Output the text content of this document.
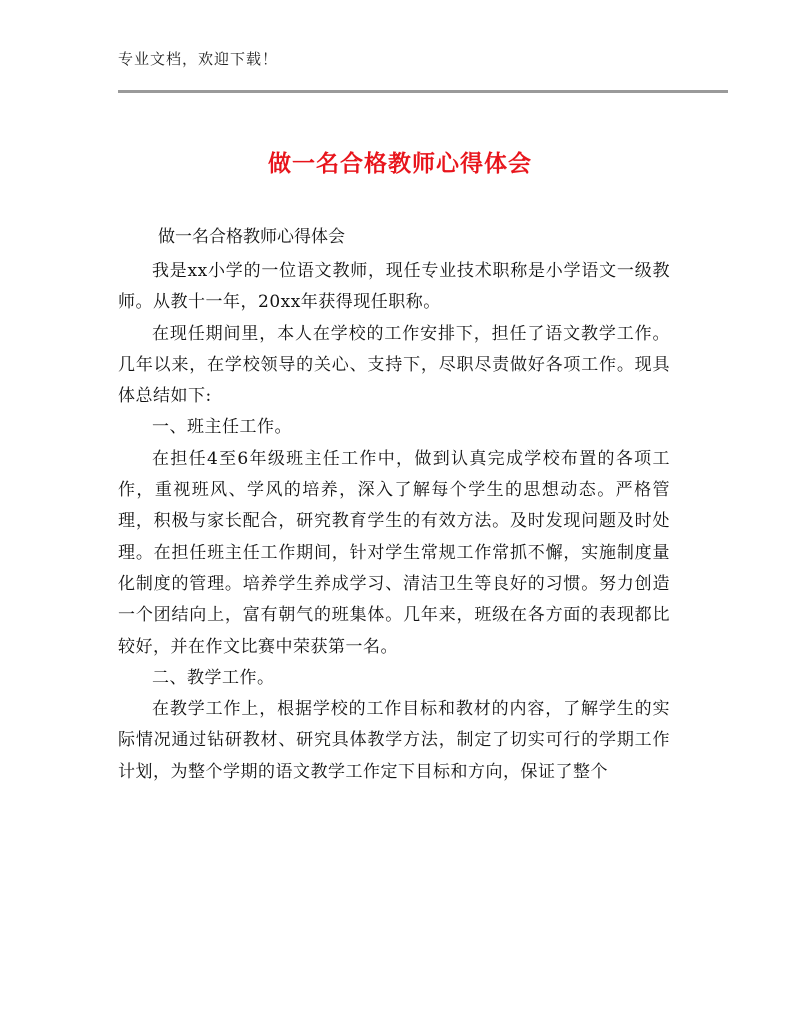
专业文档，欢迎下载！
做一名合格教师心得体会
做一名合格教师心得体会

我是xx小学的一位语文教师，现任专业技术职称是小学语文一级教师。从教十一年，20xx年获得现任职称。

在现任期间里，本人在学校的工作安排下，担任了语文教学工作。几年以来，在学校领导的关心、支持下，尽职尽责做好各项工作。现具体总结如下:

一、班主任工作。

在担任4至6年级班主任工作中，做到认真完成学校布置的各项工作，重视班风、学风的培养，深入了解每个学生的思想动态。严格管理，积极与家长配合，研究教育学生的有效方法。及时发现问题及时处理。在担任班主任工作期间，针对学生常规工作常抓不懈，实施制度量化制度的管理。培养学生养成学习、清洁卫生等良好的习惯。努力创造一个团结向上，富有朝气的班集体。几年来，班级在各方面的表现都比较好，并在作文比赛中荣获第一名。

二、教学工作。

在教学工作上，根据学校的工作目标和教材的内容，了解学生的实际情况通过钻研教材、研究具体教学方法，制定了切实可行的学期工作计划，为整个学期的语文教学工作定下目标和方向，保证了整个
